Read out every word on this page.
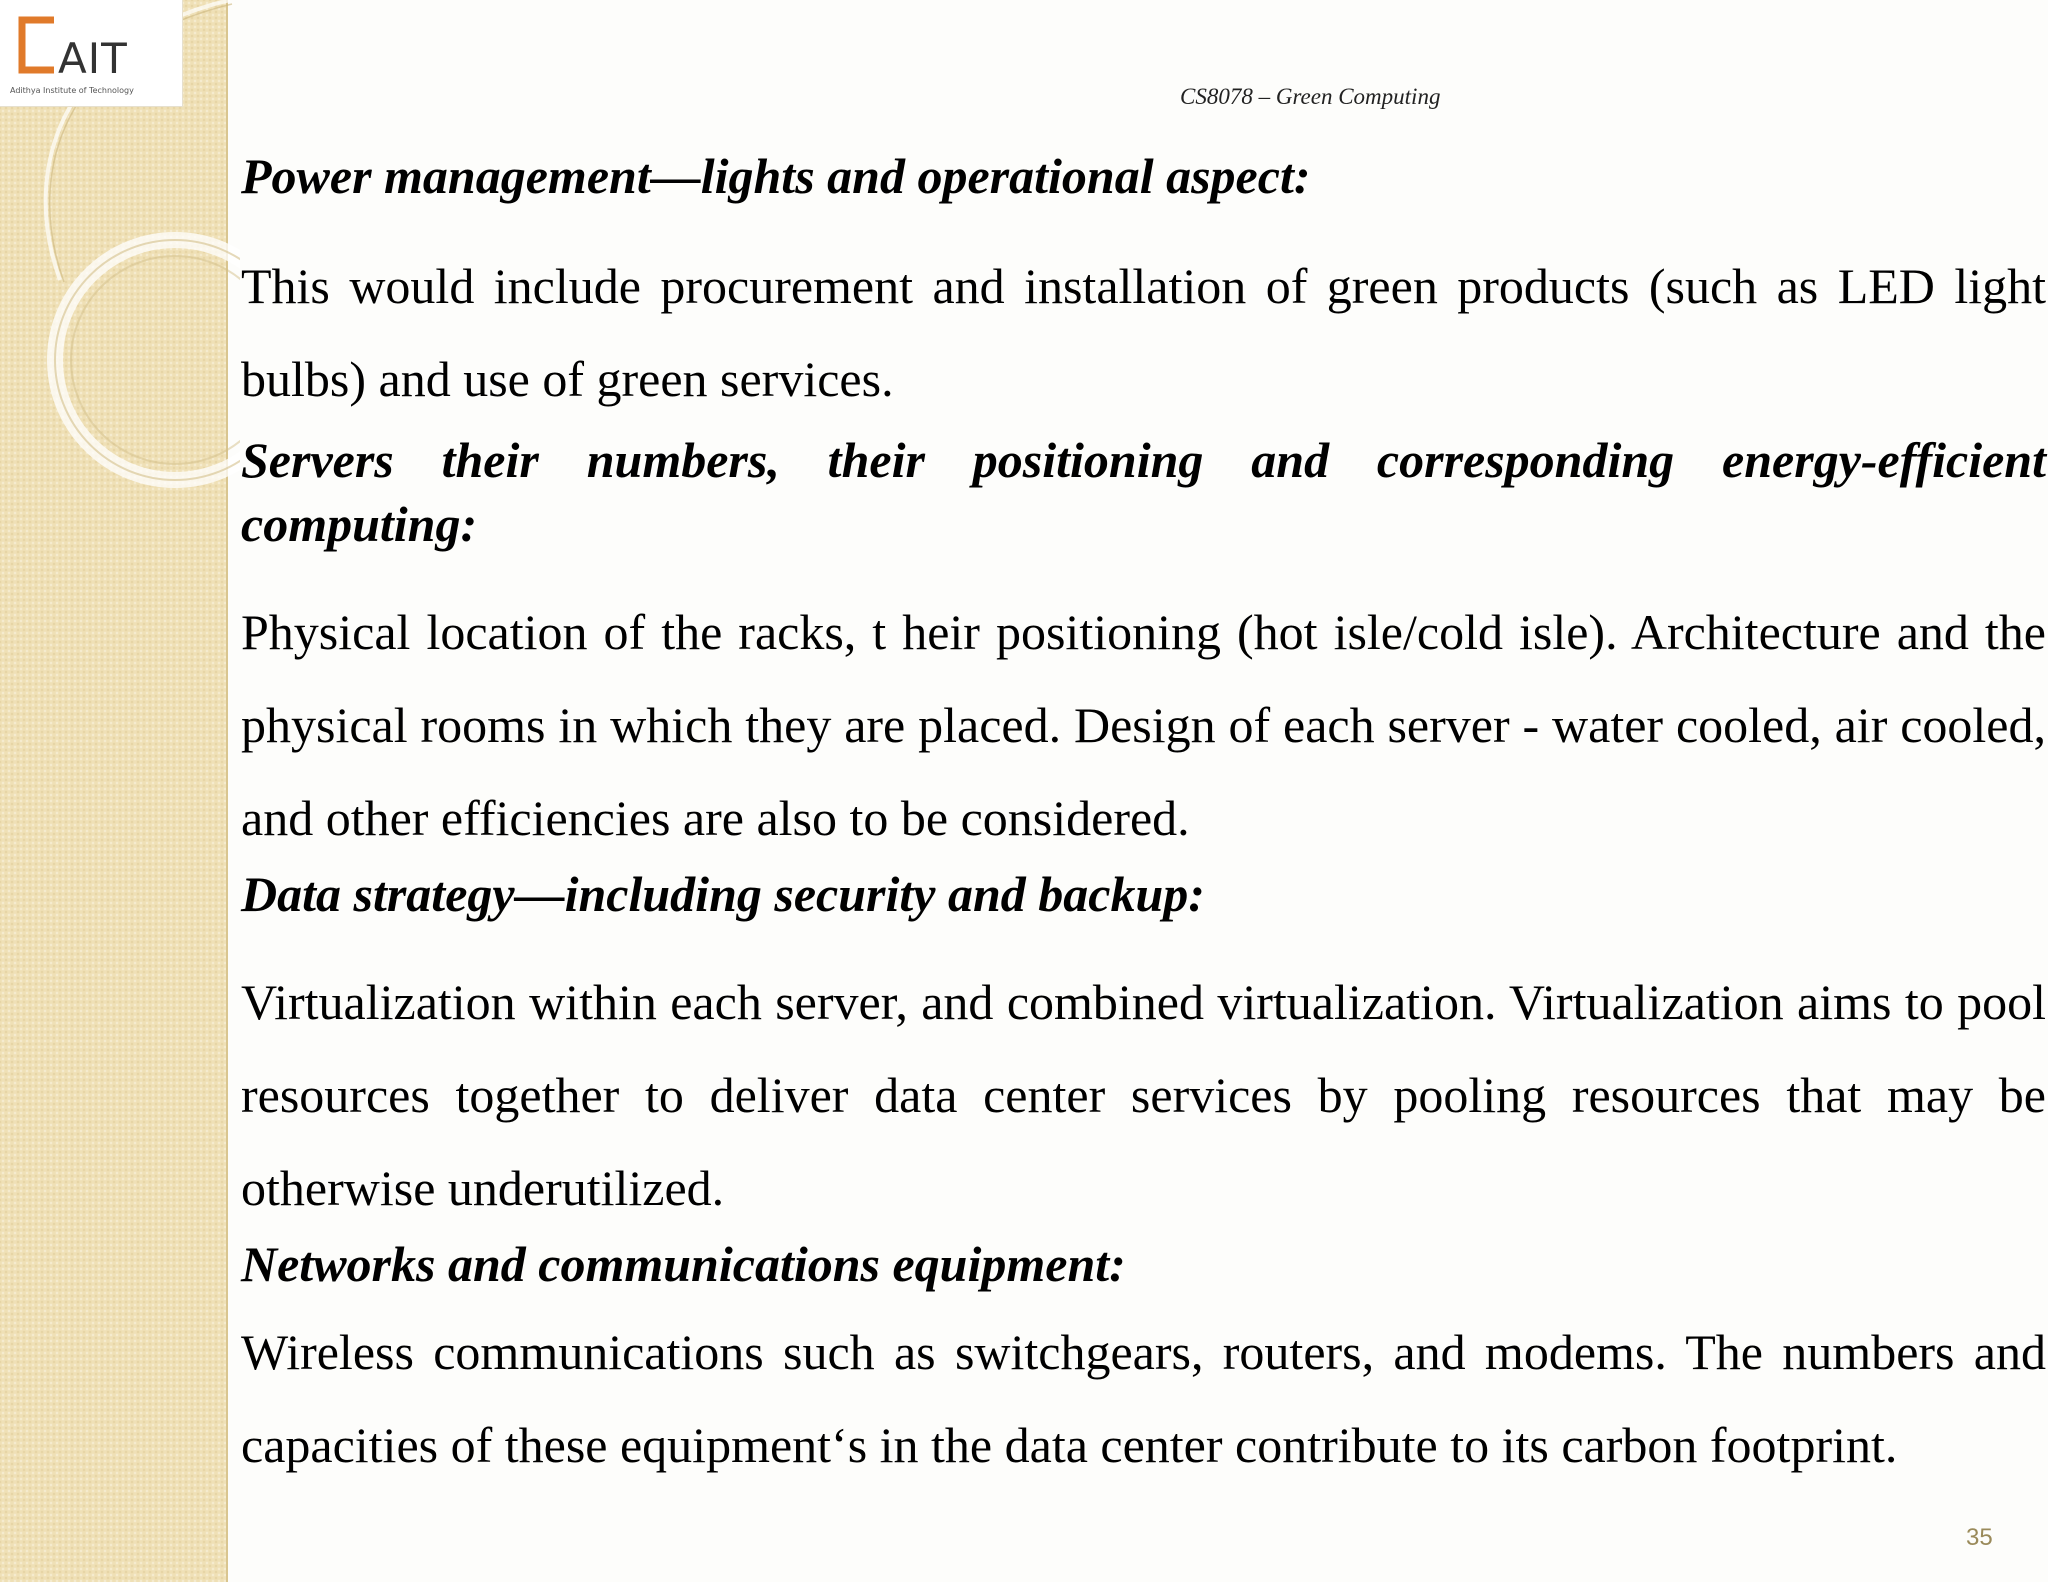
AIT
Adithya Institute of Technology	CS8078 – Green Computing

Power management—lights and operational aspect:

This would include procurement and installation of green products (such as LED light bulbs) and use of green services.

Servers their numbers, their positioning and corresponding energy-efficient computing:

Physical location of the racks, t heir positioning (hot isle/cold isle). Architecture and the physical rooms in which they are placed. Design of each server - water cooled, air cooled, and other efficiencies are also to be considered.

Data strategy—including security and backup:

Virtualization within each server, and combined virtualization. Virtualization aims to pool resources together to deliver data center services by pooling resources that may be otherwise underutilized.

Networks and communications equipment:

Wireless communications such as switchgears, routers, and modems. The numbers and capacities of these equipment‘s in the data center contribute to its carbon footprint.

35
